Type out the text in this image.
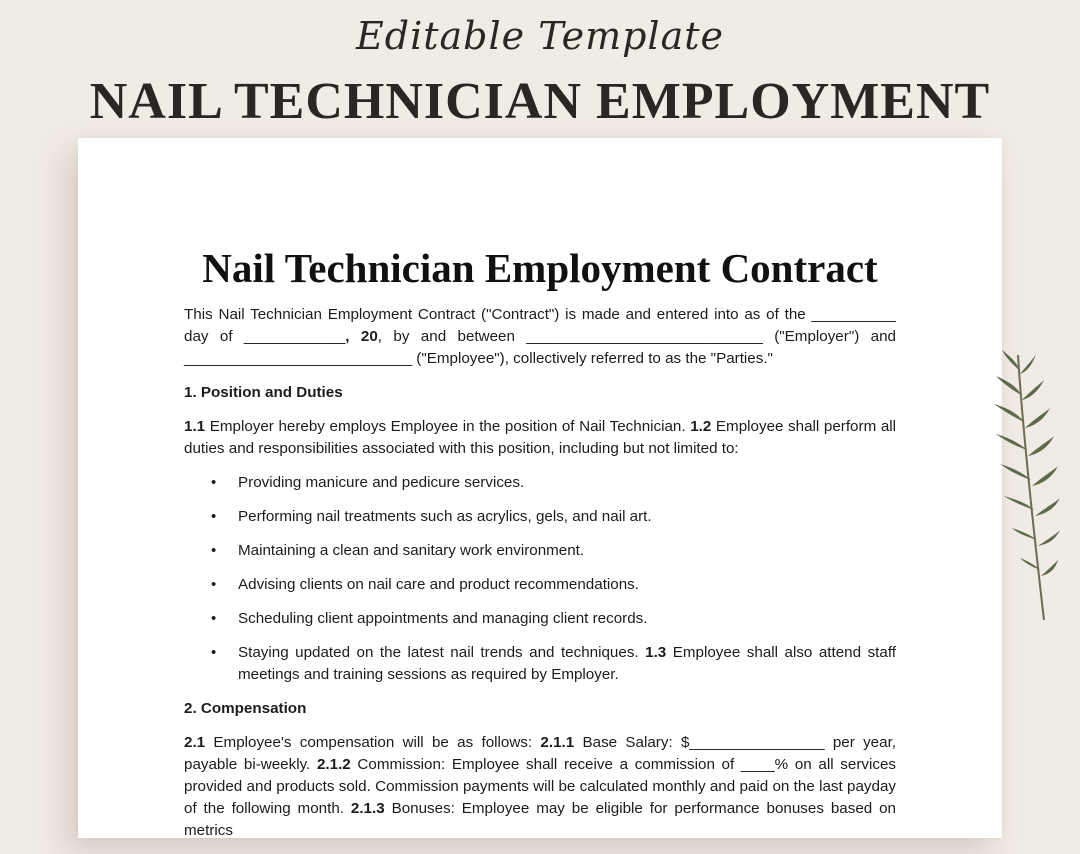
Editable Template
NAIL TECHNICIAN EMPLOYMENT
Nail Technician Employment Contract

This Nail Technician Employment Contract ("Contract") is made and entered into as of the __________ day of ____________, 20, by and between ____________________________ ("Employer") and ___________________________ ("Employee"), collectively referred to as the "Parties."

1. Position and Duties

1.1 Employer hereby employs Employee in the position of Nail Technician. 1.2 Employee shall perform all duties and responsibilities associated with this position, including but not limited to:

• Providing manicure and pedicure services.
• Performing nail treatments such as acrylics, gels, and nail art.
• Maintaining a clean and sanitary work environment.
• Advising clients on nail care and product recommendations.
• Scheduling client appointments and managing client records.
• Staying updated on the latest nail trends and techniques. 1.3 Employee shall also attend staff meetings and training sessions as required by Employer.

2. Compensation

2.1 Employee's compensation will be as follows: 2.1.1 Base Salary: $________________ per year, payable bi-weekly. 2.1.2 Commission: Employee shall receive a commission of ____% on all services provided and products sold. Commission payments will be calculated monthly and paid on the last payday of the following month. 2.1.3 Bonuses: Employee may be eligible for performance bonuses based on metrics
